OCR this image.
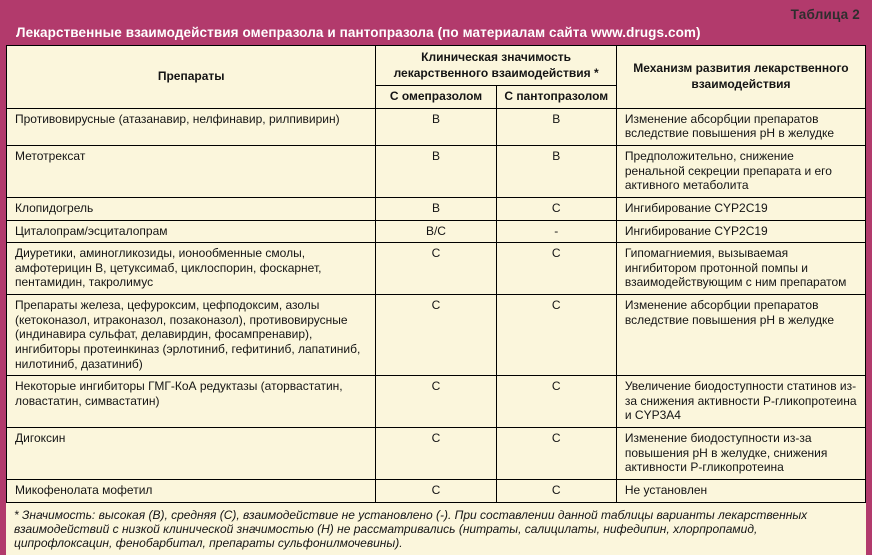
Таблица 2
Лекарственные взаимодействия омепразола и пантопразола (по материалам сайта www.drugs.com)
Препараты	Клиническая значимость лекарственного взаимодействия *		Механизм развития лекарственного взаимодействия
	С омепразолом	С пантопразолом	
Противовирусные (атазанавир, нелфинавир, рилпивирин)	В	В	Изменение абсорбции препаратов вследствие повышения рН в желудке
Метотрексат	В	В	Предположительно, снижение ренальной секреции препарата и его активного метаболита
Клопидогрель	В	С	Ингибирование CYP2C19
Циталопрам/эсциталопрам	В/С	-	Ингибирование CYP2C19
Диуретики, аминогликозиды, ионообменные смолы, амфотерицин В, цетуксимаб, циклоспорин, фоскарнет, пентамидин, такролимус	С	С	Гипомагниемия, вызываемая ингибитором протонной помпы и взаимодействующим с ним препаратом
Препараты железа, цефуроксим, цефподоксим, азолы (кетоконазол, итраконазол, позаконазол), противовирусные (индинавира сульфат, делавирдин, фосампренавир), ингибиторы протеинкиназ (эрлотиниб, гефитиниб, лапатиниб, нилотиниб, дазатиниб)	С	С	Изменение абсорбции препаратов вследствие повышения рН в желудке
Некоторые ингибиторы ГМГ-КоА редуктазы (аторвастатин, ловастатин, симвастатин)	С	С	Увеличение биодоступности статинов из-за снижения активности Р-гликопротеина и CYP3A4
Дигоксин	С	С	Изменение биодоступности из-за повышения рН в желудке, снижения активности Р-гликопротеина
Микофенолата мофетил	С	С	Не установлен
* Значимость: высокая (В), средняя (С), взаимодействие не установлено (-). При составлении данной таблицы варианты лекарственных взаимодействий с низкой клинической значимостью (Н) не рассматривались (нитраты, салицилаты, нифедипин, хлорпропамид, ципрофлоксацин, фенобарбитал, препараты сульфонилмочевины).
